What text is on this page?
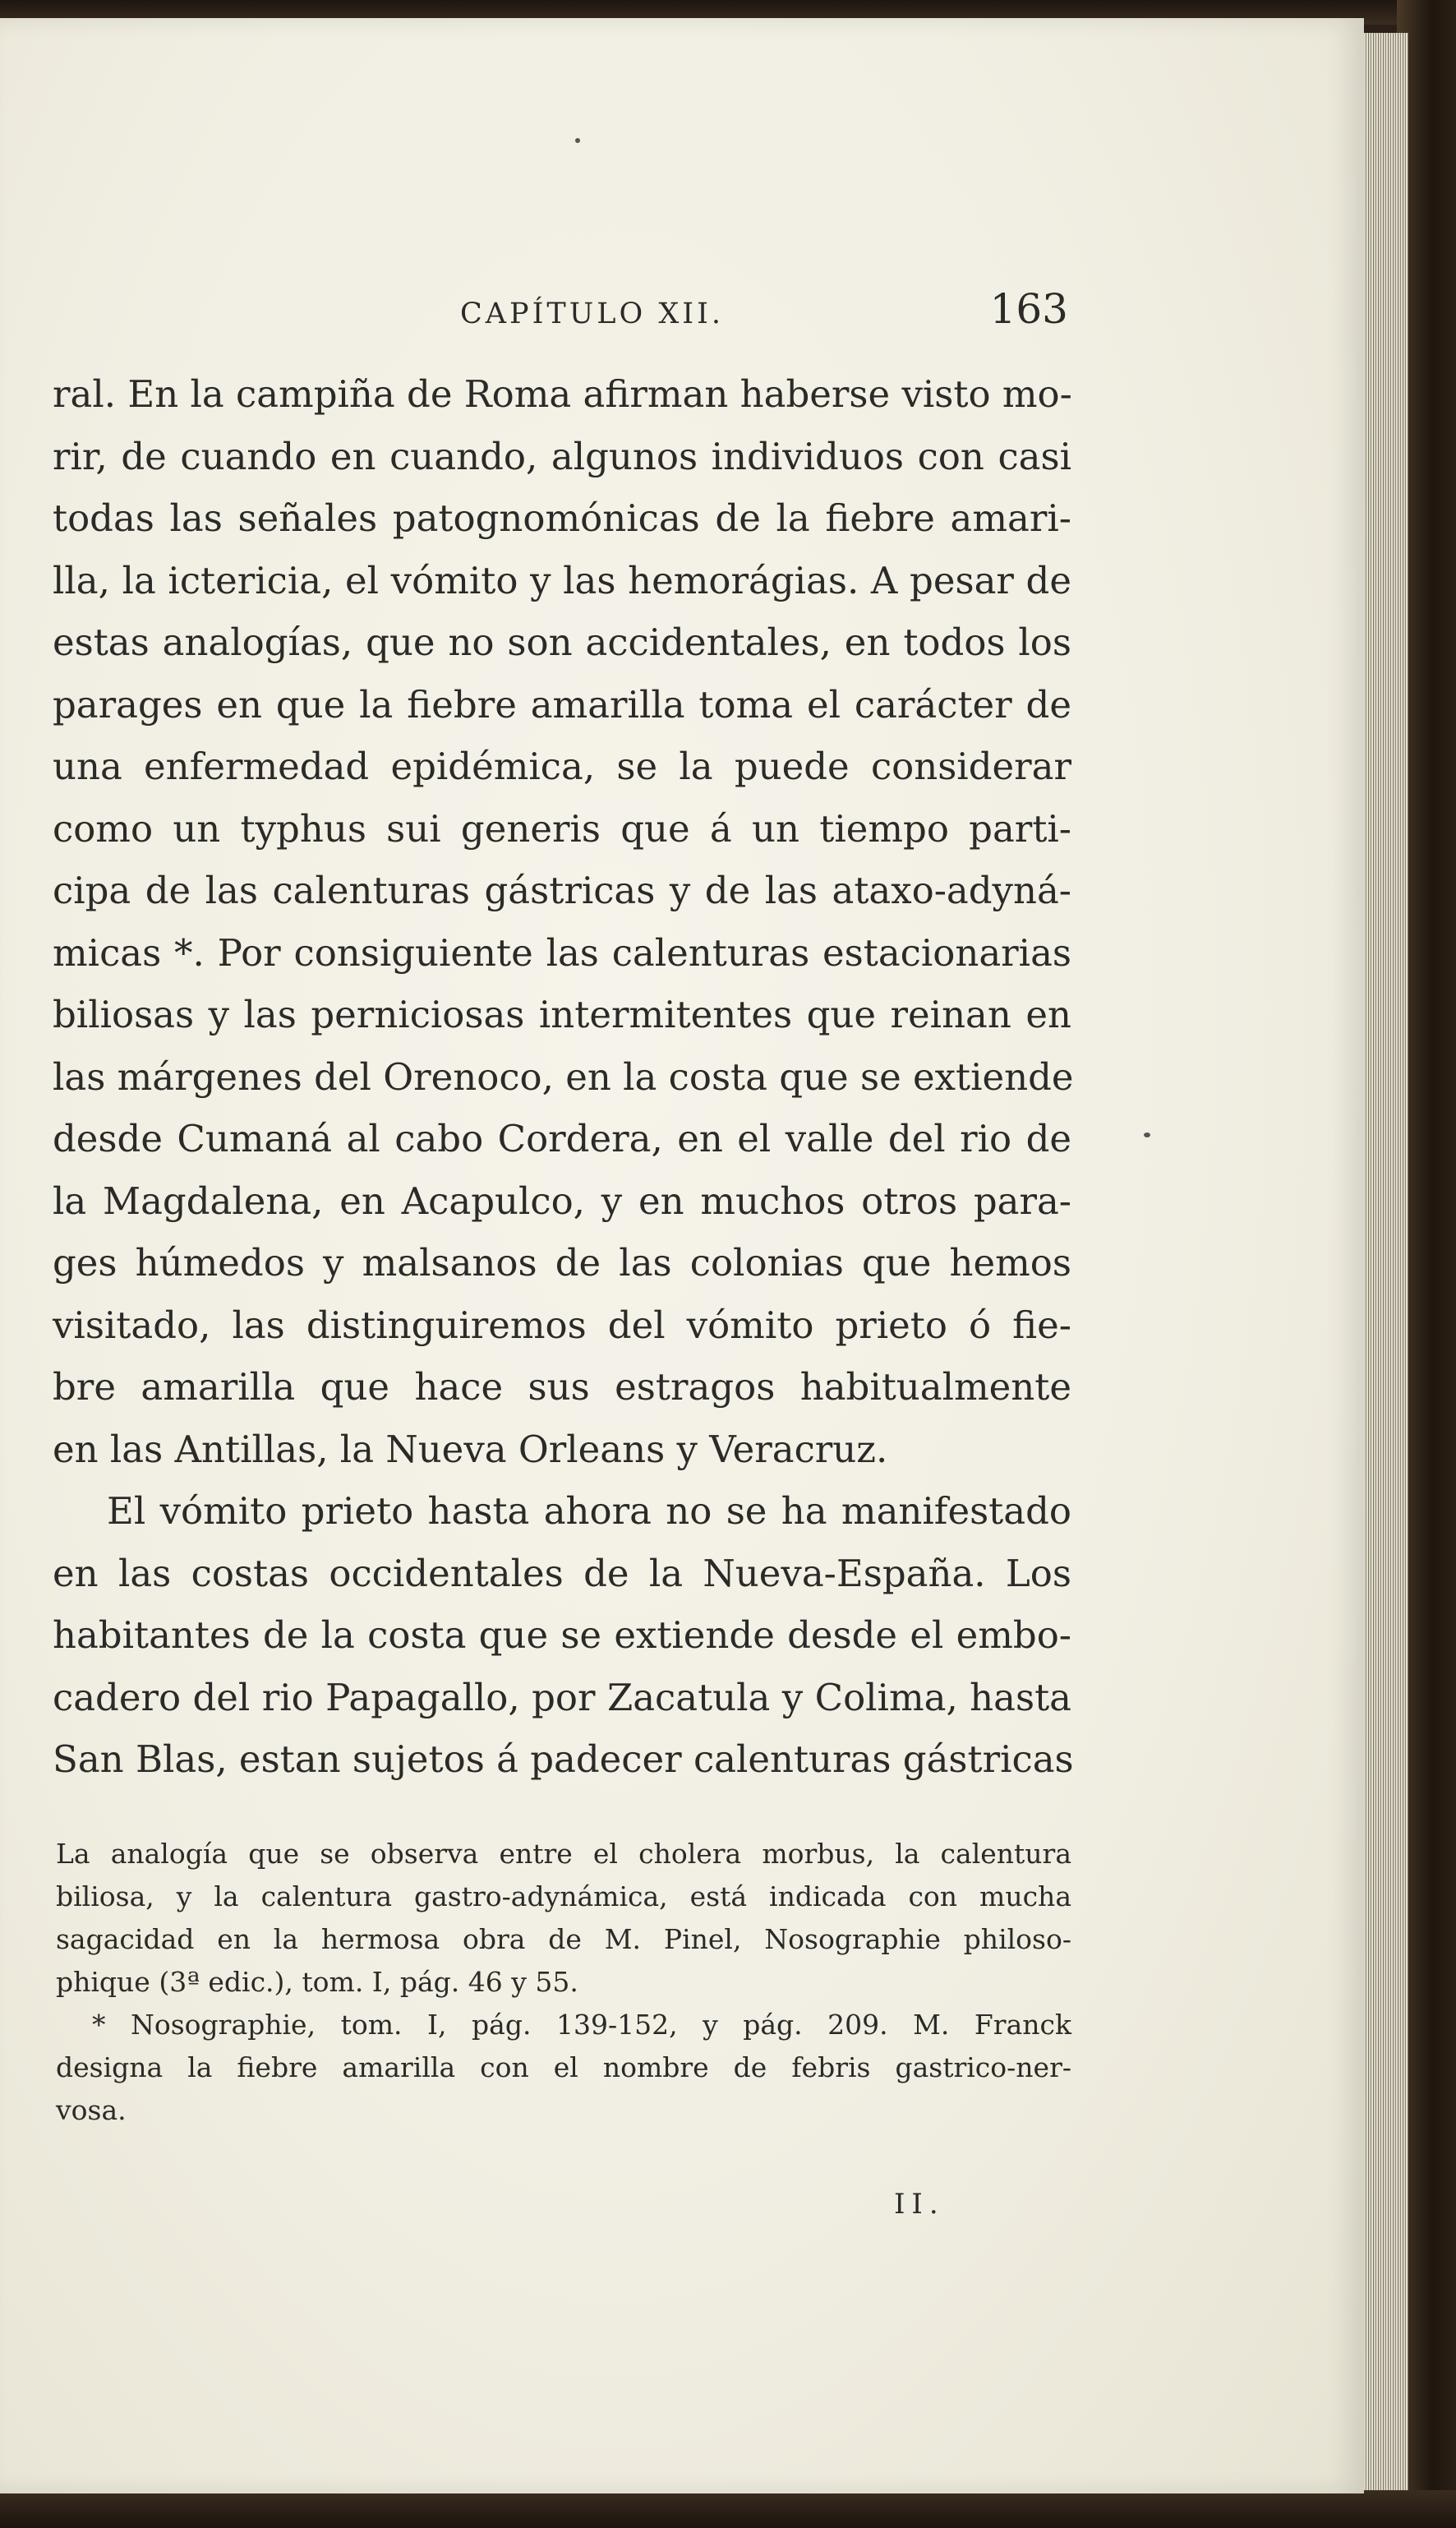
CAPÍTULO XII.	163
ral. En la campiña de Roma afirman haberse visto mo-
rir, de cuando en cuando, algunos individuos con casi
todas las señales patognomónicas de la fiebre amari-
lla, la ictericia, el vómito y las hemorágias. A pesar de
estas analogías, que no son accidentales, en todos los
parages en que la fiebre amarilla toma el carácter de
una enfermedad epidémica, se la puede considerar
como un typhus sui generis que á un tiempo parti-
cipa de las calenturas gástricas y de las ataxo-adyná-
micas *. Por consiguiente las calenturas estacionarias
biliosas y las perniciosas intermitentes que reinan en
las márgenes del Orenoco, en la costa que se extiende
desde Cumaná al cabo Cordera, en el valle del rio de
la Magdalena, en Acapulco, y en muchos otros para-
ges húmedos y malsanos de las colonias que hemos
visitado, las distinguiremos del vómito prieto ó fie-
bre amarilla que hace sus estragos habitualmente
en las Antillas, la Nueva Orleans y Veracruz.
El vómito prieto hasta ahora no se ha manifestado
en las costas occidentales de la Nueva-España. Los
habitantes de la costa que se extiende desde el embo-
cadero del rio Papagallo, por Zacatula y Colima, hasta
San Blas, estan sujetos á padecer calenturas gástricas
La analogía que se observa entre el cholera morbus, la calentura
biliosa, y la calentura gastro-adynámica, está indicada con mucha
sagacidad en la hermosa obra de M. Pinel, Nosographie philoso-
phique (3ª edic.), tom. I, pág. 46 y 55.
* Nosographie, tom. I, pág. 139-152, y pág. 209. M. Franck
designa la fiebre amarilla con el nombre de febris gastrico-ner-
vosa.
II.
